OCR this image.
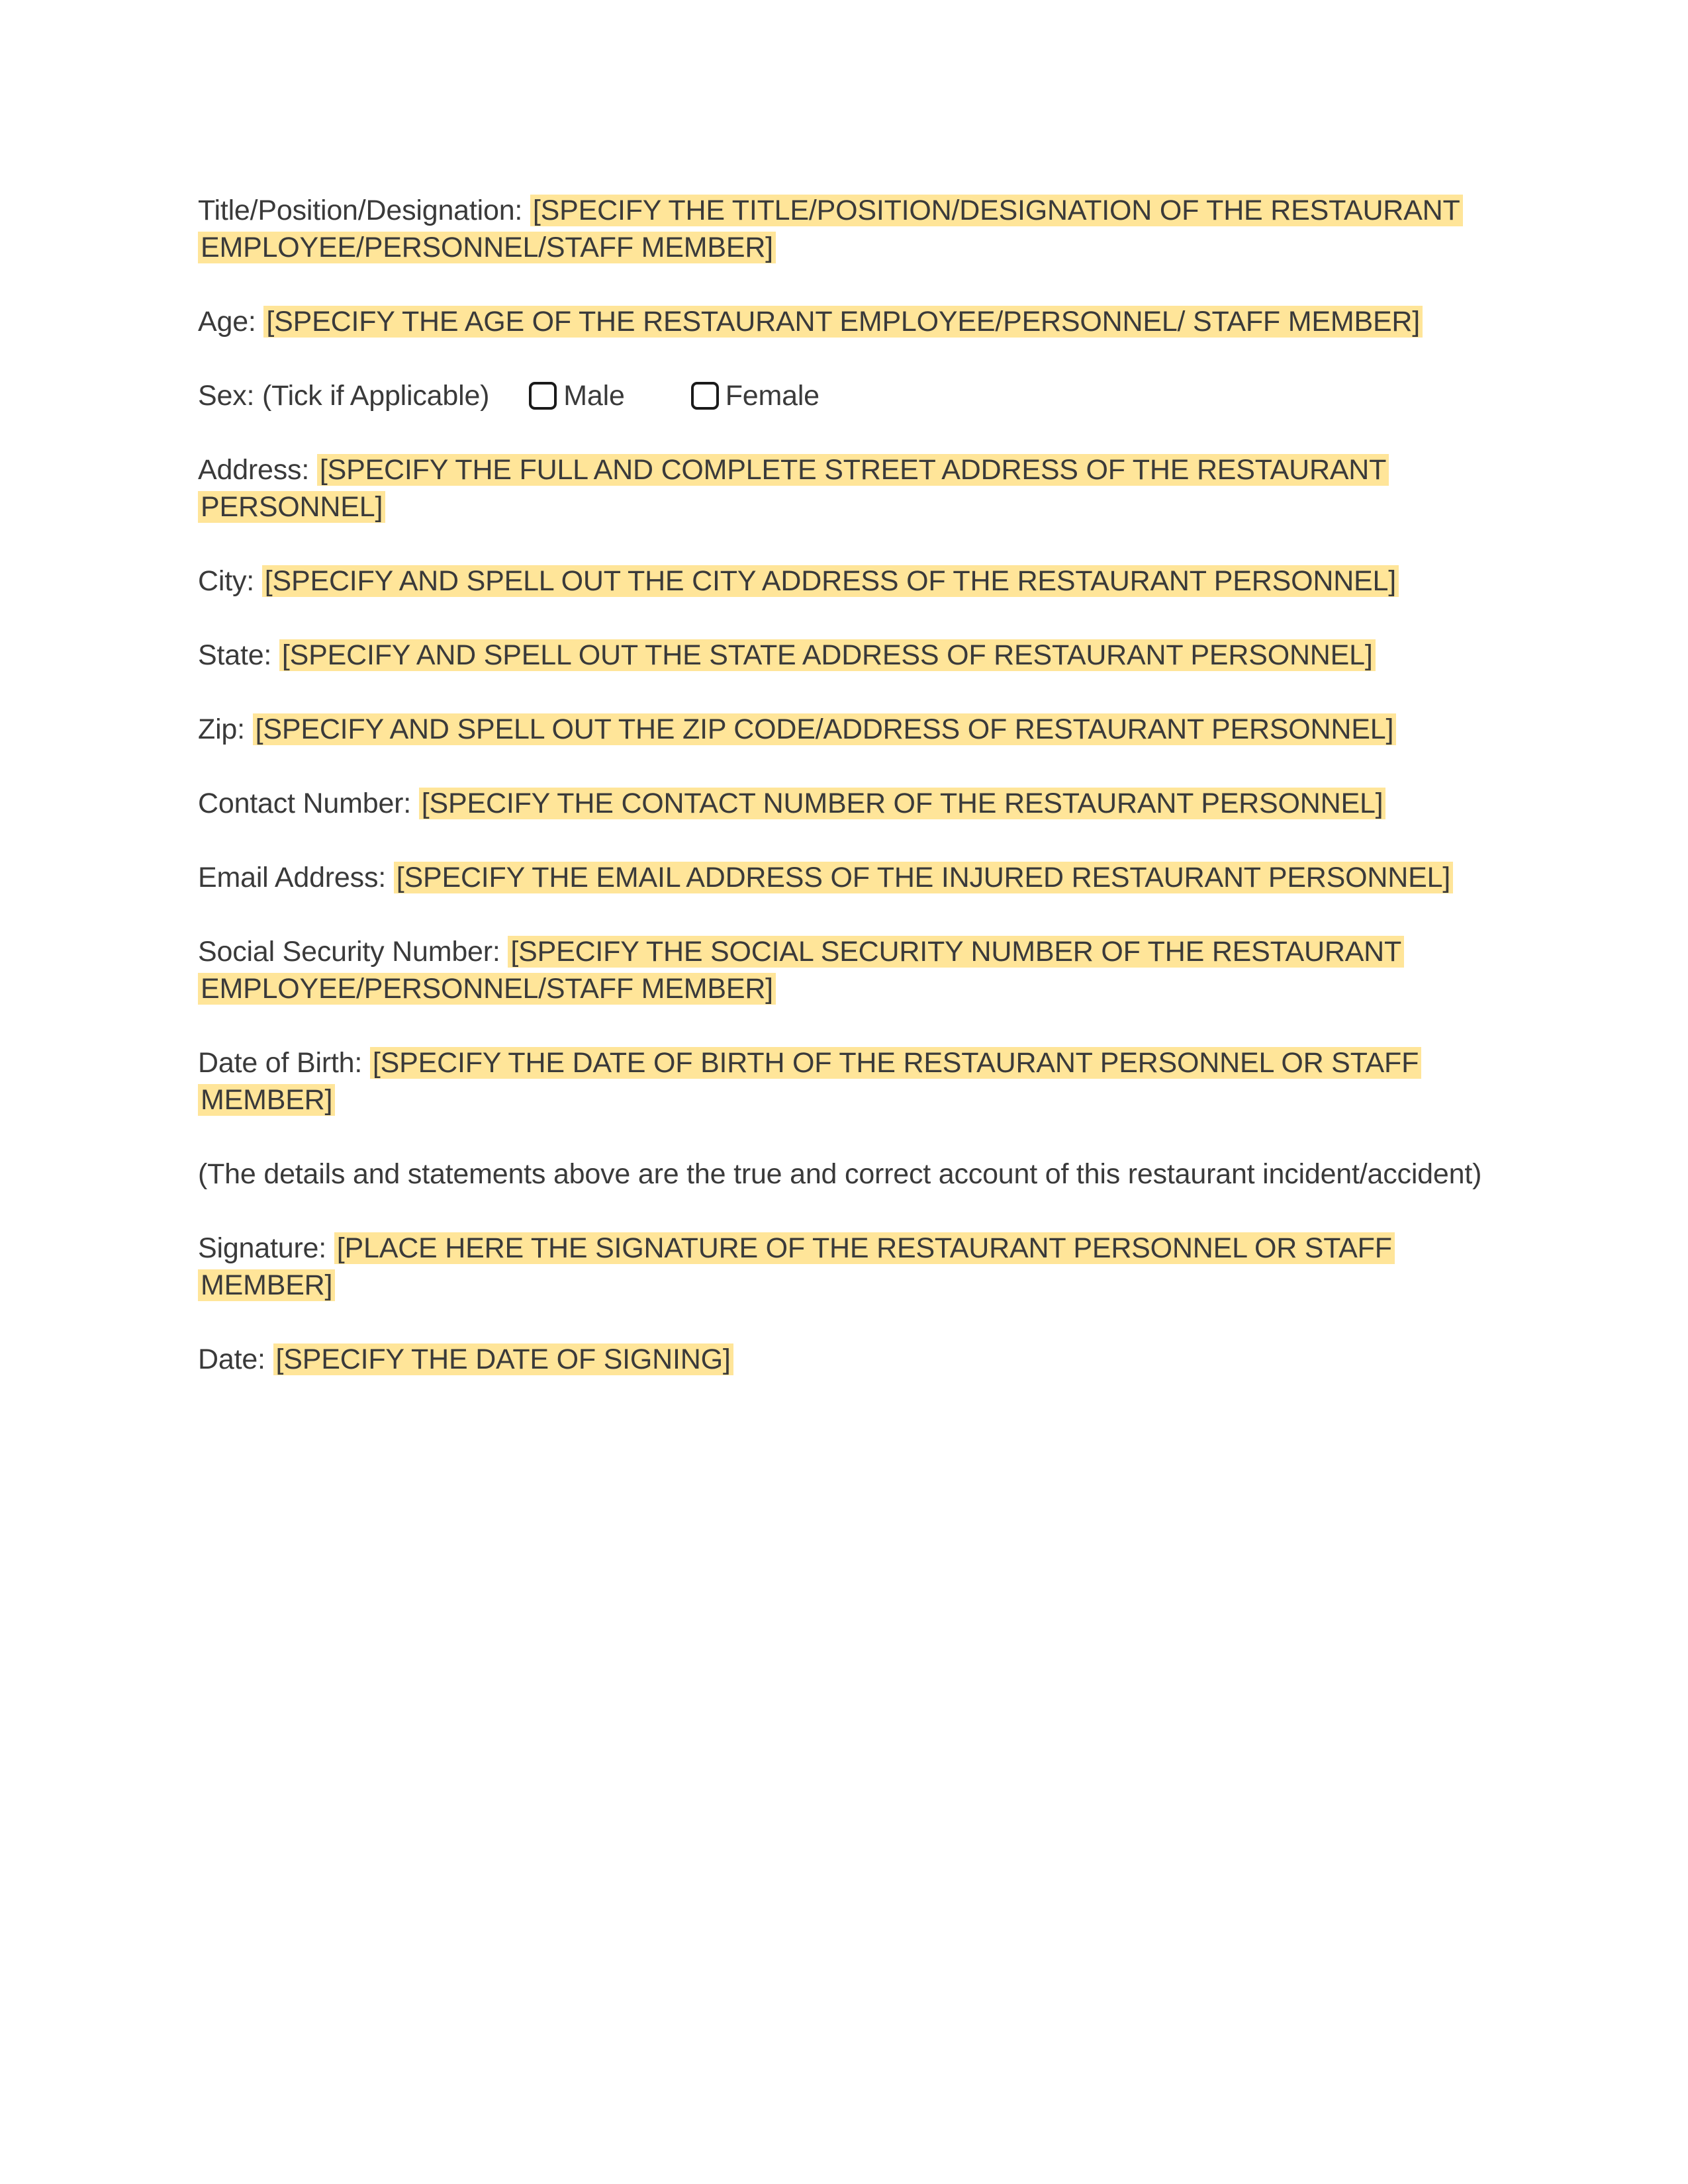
Title/Position/Designation: [SPECIFY THE TITLE/POSITION/DESIGNATION OF THE RESTAURANT EMPLOYEE/PERSONNEL/STAFF MEMBER]

Age: [SPECIFY THE AGE OF THE RESTAURANT EMPLOYEE/PERSONNEL/ STAFF MEMBER]

Sex: (Tick if Applicable)	Male	Female

Address: [SPECIFY THE FULL AND COMPLETE STREET ADDRESS OF THE RESTAURANT PERSONNEL]

City: [SPECIFY AND SPELL OUT THE CITY ADDRESS OF THE RESTAURANT PERSONNEL]

State: [SPECIFY AND SPELL OUT THE STATE ADDRESS OF RESTAURANT PERSONNEL]

Zip: [SPECIFY AND SPELL OUT THE ZIP CODE/ADDRESS OF RESTAURANT PERSONNEL]

Contact Number: [SPECIFY THE CONTACT NUMBER OF THE RESTAURANT PERSONNEL]

Email Address: [SPECIFY THE EMAIL ADDRESS OF THE INJURED RESTAURANT PERSONNEL]

Social Security Number: [SPECIFY THE SOCIAL SECURITY NUMBER OF THE RESTAURANT EMPLOYEE/PERSONNEL/STAFF MEMBER]

Date of Birth: [SPECIFY THE DATE OF BIRTH OF THE RESTAURANT PERSONNEL OR STAFF MEMBER]

(The details and statements above are the true and correct account of this restaurant incident/accident)

Signature: [PLACE HERE THE SIGNATURE OF THE RESTAURANT PERSONNEL OR STAFF MEMBER]

Date: [SPECIFY THE DATE OF SIGNING]
